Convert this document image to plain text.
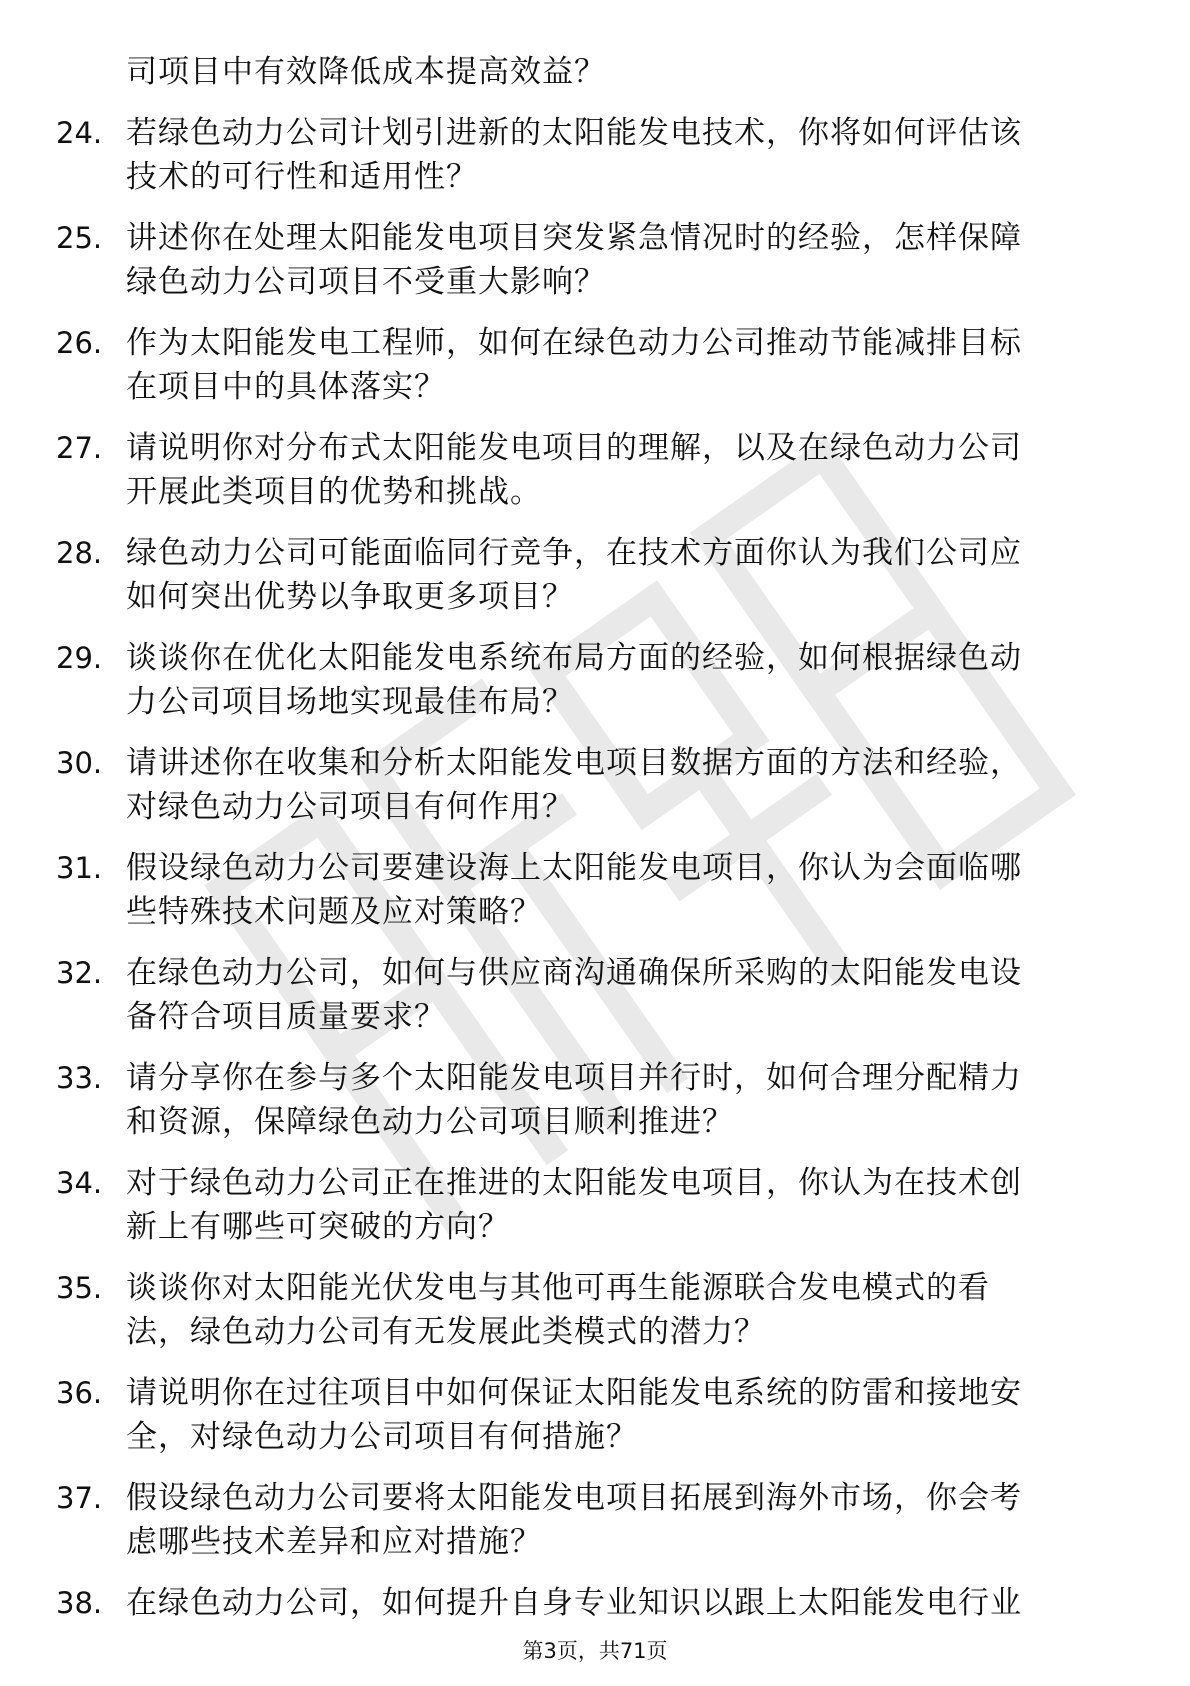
司项目中有效降低成本提高效益？
24. 若绿色动力公司计划引进新的太阳能发电技术，你将如何评估该
技术的可行性和适用性？
25. 讲述你在处理太阳能发电项目突发紧急情况时的经验，怎样保障
绿色动力公司项目不受重大影响？
26. 作为太阳能发电工程师，如何在绿色动力公司推动节能减排目标
在项目中的具体落实？
27. 请说明你对分布式太阳能发电项目的理解，以及在绿色动力公司
开展此类项目的优势和挑战。
28. 绿色动力公司可能面临同行竞争，在技术方面你认为我们公司应
如何突出优势以争取更多项目？
29. 谈谈你在优化太阳能发电系统布局方面的经验，如何根据绿色动
力公司项目场地实现最佳布局？
30. 请讲述你在收集和分析太阳能发电项目数据方面的方法和经验，
对绿色动力公司项目有何作用？
31. 假设绿色动力公司要建设海上太阳能发电项目，你认为会面临哪
些特殊技术问题及应对策略？
32. 在绿色动力公司，如何与供应商沟通确保所采购的太阳能发电设
备符合项目质量要求？
33. 请分享你在参与多个太阳能发电项目并行时，如何合理分配精力
和资源，保障绿色动力公司项目顺利推进？
34. 对于绿色动力公司正在推进的太阳能发电项目，你认为在技术创
新上有哪些可突破的方向？
35. 谈谈你对太阳能光伏发电与其他可再生能源联合发电模式的看
法，绿色动力公司有无发展此类模式的潜力？
36. 请说明你在过往项目中如何保证太阳能发电系统的防雷和接地安
全，对绿色动力公司项目有何措施？
37. 假设绿色动力公司要将太阳能发电项目拓展到海外市场，你会考
虑哪些技术差异和应对措施？
38. 在绿色动力公司，如何提升自身专业知识以跟上太阳能发电行业
第3页，共71页
